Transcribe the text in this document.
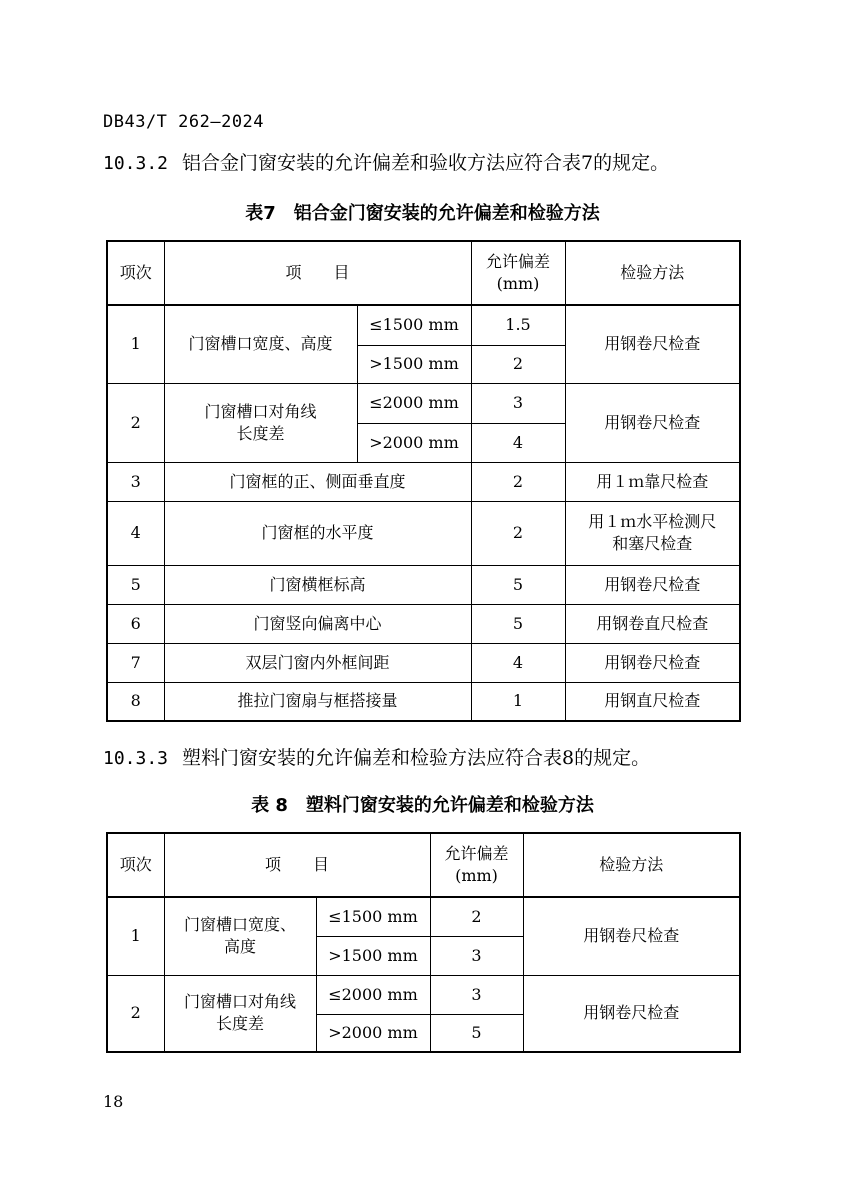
DB43/T 262—2024
10.3.2 铝合金门窗安装的允许偏差和验收方法应符合表7的规定。
表7　铝合金门窗安装的允许偏差和检验方法
项次	项　　目		允许偏差
(mm)	检验方法
1	门窗槽口宽度、高度	≤1500 mm	1.5	用钢卷尺检查
		>1500 mm	2	
2	门窗槽口对角线
长度差	≤2000 mm	3	用钢卷尺检查
		>2000 mm	4	
3	门窗框的正、侧面垂直度		2	用１ｍ靠尺检查
4	门窗框的水平度		2	用１ｍ水平检测尺
和塞尺检查

5	门窗横框标高		5	用钢卷尺检查
6	门窗竖向偏离中心		5	用钢卷直尺检查
7	双层门窗内外框间距		4	用钢卷尺检查
8	推拉门窗扇与框搭接量		1	用钢直尺检查
10.3.3 塑料门窗安装的允许偏差和检验方法应符合表8的规定。
表 8　塑料门窗安装的允许偏差和检验方法
项次	项　　目		允许偏差
(mm)	检验方法
1	门窗槽口宽度、
高度	≤1500 mm	2	用钢卷尺检查
		>1500 mm	3	
2	门窗槽口对角线
长度差	≤2000 mm	3	用钢卷尺检查
		>2000 mm	5	
18
